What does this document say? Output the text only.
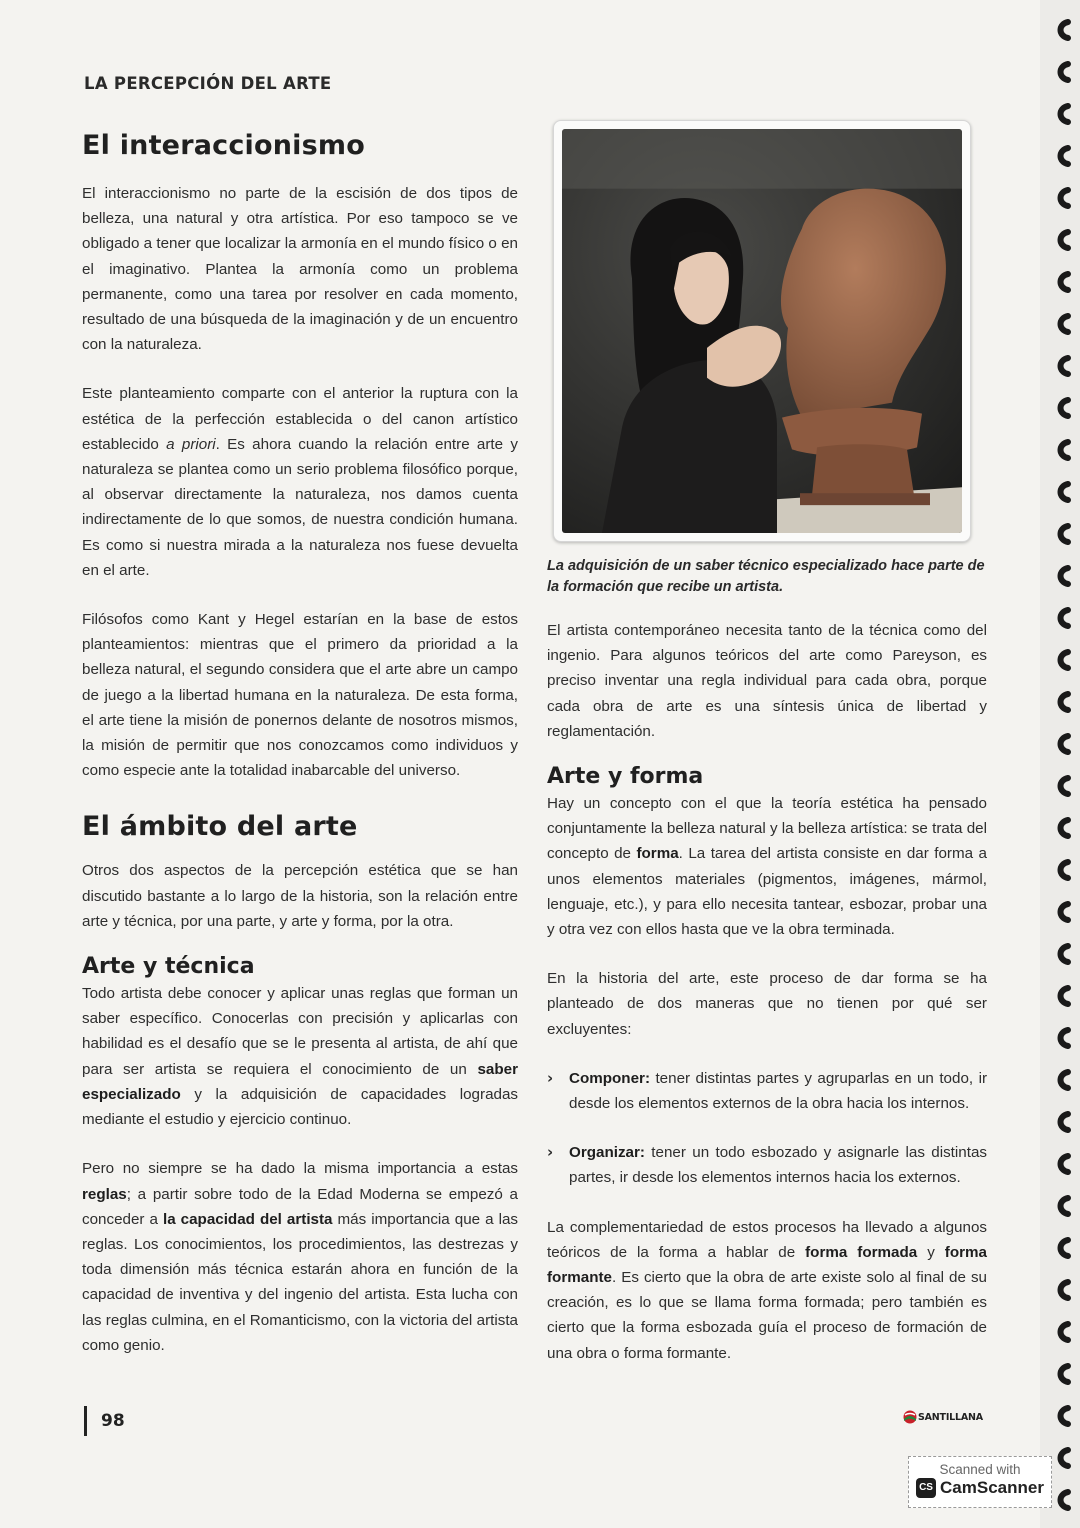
LA PERCEPCIÓN DEL ARTE
El interaccionismo

El interaccionismo no parte de la escisión de dos tipos de belleza, una natural y otra artística. Por eso tampoco se ve obligado a tener que localizar la armonía en el mundo físico o en el imaginativo. Plantea la armonía como un problema permanente, como una tarea por resolver en cada momento, resultado de una búsqueda de la imaginación y de un encuentro con la naturaleza.

Este planteamiento comparte con el anterior la ruptura con la estética de la perfección establecida o del canon artístico establecido a priori. Es ahora cuando la relación entre arte y naturaleza se plantea como un serio problema filosófico porque, al observar directamente la naturaleza, nos damos cuenta indirectamente de lo que somos, de nuestra condición humana. Es como si nuestra mirada a la naturaleza nos fuese devuelta en el arte.

Filósofos como Kant y Hegel estarían en la base de estos planteamientos: mientras que el primero da prioridad a la belleza natural, el segundo considera que el arte abre un campo de juego a la libertad humana en la naturaleza. De esta forma, el arte tiene la misión de ponernos delante de nosotros mismos, la misión de permitir que nos conozcamos como individuos y como especie ante la totalidad inabarcable del universo.

El ámbito del arte

Otros dos aspectos de la percepción estética que se han discutido bastante a lo largo de la historia, son la relación entre arte y técnica, por una parte, y arte y forma, por la otra.

Arte y técnica

Todo artista debe conocer y aplicar unas reglas que forman un saber específico. Conocerlas con precisión y aplicarlas con habilidad es el desafío que se le presenta al artista, de ahí que para ser artista se requiera el conocimiento de un saber especializado y la adquisición de capacidades logradas mediante el estudio y ejercicio continuo.

Pero no siempre se ha dado la misma importancia a estas reglas; a partir sobre todo de la Edad Moderna se empezó a conceder a la capacidad del artista más importancia que a las reglas. Los conocimientos, los procedimientos, las destrezas y toda dimensión más técnica estarán ahora en función de la capacidad de inventiva y del ingenio del artista. Esta lucha con las reglas culmina, en el Romanticismo, con la victoria del artista como genio.

La adquisición de un saber técnico especializado hace parte de la formación que recibe un artista.

El artista contemporáneo necesita tanto de la técnica como del ingenio. Para algunos teóricos del arte como Pareyson, es preciso inventar una regla individual para cada obra, porque cada obra de arte es una síntesis única de libertad y reglamentación.

Arte y forma

Hay un concepto con el que la teoría estética ha pensado conjuntamente la belleza natural y la belleza artística: se trata del concepto de forma. La tarea del artista consiste en dar forma a unos elementos materiales (pigmentos, imágenes, mármol, lenguaje, etc.), y para ello necesita tantear, esbozar, probar una y otra vez con ellos hasta que ve la obra terminada.

En la historia del arte, este proceso de dar forma se ha planteado de dos maneras que no tienen por qué ser excluyentes:

› Componer: tener distintas partes y agruparlas en un todo, ir desde los elementos externos de la obra hacia los internos.

› Organizar: tener un todo esbozado y asignarle las distintas partes, ir desde los elementos internos hacia los externos.

La complementariedad de estos procesos ha llevado a algunos teóricos de la forma a hablar de forma formada y forma formante. Es cierto que la obra de arte existe solo al final de su creación, es lo que se llama forma formada; pero también es cierto que la forma esbozada guía el proceso de formación de una obra o forma formante.

98	SANTILLANA
Scanned with
CS CamScanner
